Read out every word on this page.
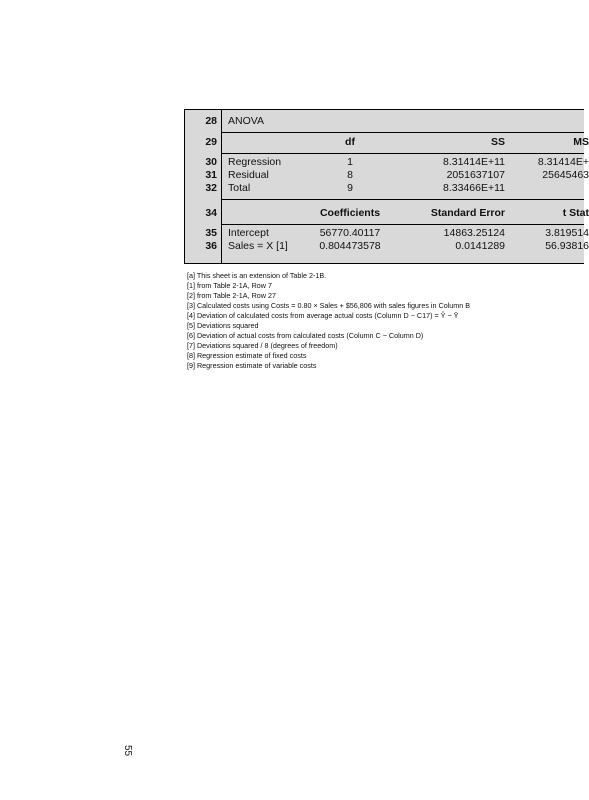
28 ANOVA
29	df	SS	MS
30 Regression	1	8.31414E+11	8.31414E+
31 Residual	8	2051637107	25645463
32 Total	9	8.33466E+11
34	Coefficients	Standard Error	t Stat
35 Intercept	56770.40117	14863.25124	3.819514
36 Sales = X [1]	0.804473578	0.0141289	56.93816
[a] This sheet is an extension of Table 2-1B.
[1] from Table 2-1A, Row 7
[2] from Table 2-1A, Row 27
[3] Calculated costs using Costs = 0.80 × Sales + $56,806 with sales figures in Column B
[4] Deviation of calculated costs from average actual costs (Column D − C17) = Ŷ − Ȳ
[5] Deviations squared
[6] Deviation of actual costs from calculated costs (Column C − Column D)
[7] Deviations squared / 8 (degrees of freedom)
[8] Regression estimate of fixed costs
[9] Regression estimate of variable costs
55
